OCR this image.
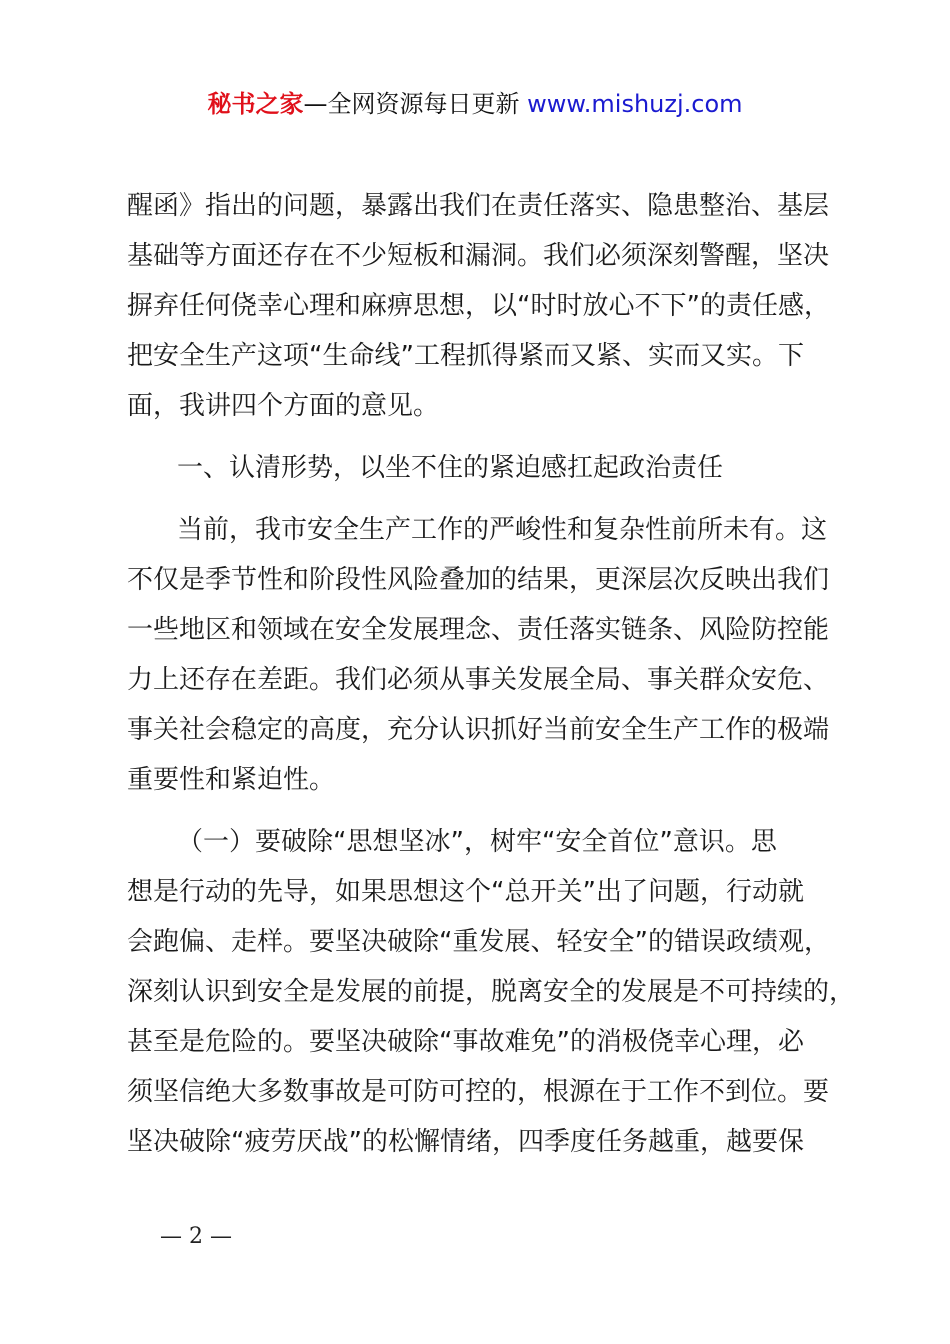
秘书之家—全网资源每日更新 www.mishuzj.com
醒函》指出的问题，暴露出我们在责任落实、隐患整治、基层
基础等方面还存在不少短板和漏洞。我们必须深刻警醒，坚决
摒弃任何侥幸心理和麻痹思想，以“时时放心不下”的责任感，
把安全生产这项“生命线”工程抓得紧而又紧、实而又实。下
面，我讲四个方面的意见。
一、认清形势，以坐不住的紧迫感扛起政治责任
当前，我市安全生产工作的严峻性和复杂性前所未有。这
不仅是季节性和阶段性风险叠加的结果，更深层次反映出我们
一些地区和领域在安全发展理念、责任落实链条、风险防控能
力上还存在差距。我们必须从事关发展全局、事关群众安危、
事关社会稳定的高度，充分认识抓好当前安全生产工作的极端
重要性和紧迫性。
（一）要破除“思想坚冰”，树牢“安全首位”意识。思
想是行动的先导，如果思想这个“总开关”出了问题，行动就
会跑偏、走样。要坚决破除“重发展、轻安全”的错误政绩观，
深刻认识到安全是发展的前提，脱离安全的发展是不可持续的，
甚至是危险的。要坚决破除“事故难免”的消极侥幸心理，必
须坚信绝大多数事故是可防可控的，根源在于工作不到位。要
坚决破除“疲劳厌战”的松懈情绪，四季度任务越重，越要保
— 2 —
